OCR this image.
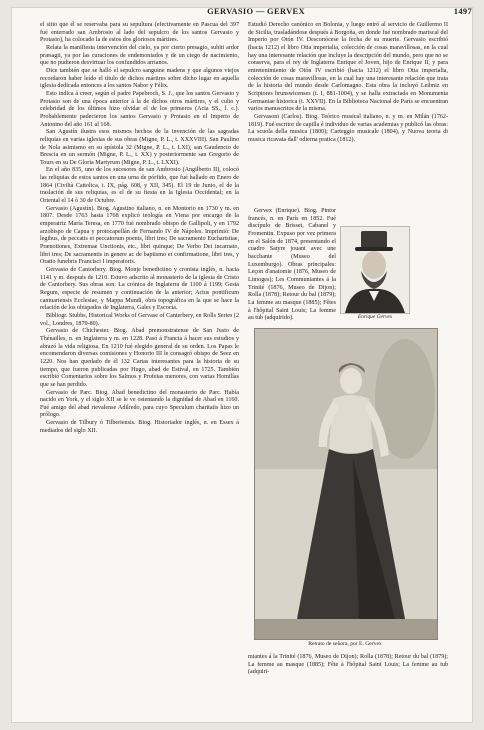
GERVASIO — GERVEX	1497

el sitio que él se reservaba para su sepultura (efectivamente en Pascua del 397 fué enterrado san Ambrosio al lado del sepulcro de los santos Gervasio y Protasio), ha colocado la de estos dos gloriosos mártires.

Relata la manifiesta intervención del cielo, ya por cierto presagio, subiti ardor præsagii, ya por las curaciones de endemoniados y de un ciego de nacimiento, que no pudieron desvirtuar los confundidos arrianos.

Dice también que se halló el sepulcro sanguine madens y que algunos viejos recordaron haber leído el título de dichos mártires sobre dicho lugar en aquella iglesia dedicada entonces a los santos Nabor y Félix.

Esto indica á creer, según el padre Papebroch, S. J., que los santos Gervasio y Protasio son de una época anterior á la de dichos otros mártires, y el culto y celebridad de los últimos hizo olvidar el de los primeros (Acta SS., l. c.). Probablemente padecieron los santos Gervasio y Protasio en el Imperio de Antonino del año 161 al 168.

San Agustín ilustra esos mismos hechos de la invención de las sagradas reliquias en varias iglesias de sus obras (Migne, P. L., t. XXXVIII). San Paulino de Nola asimismo en su epístola 32 (Migne, P. L., t. LXI), san Gaudencio de Brescia en un sermón (Migne, P. L., t. XX) y posteriormente san Gregorio de Tours en su De Gloria Martyrum (Migne, P. L., t. LXXI).

En el año 835, uno de los sucesores de san Ambrosio (Angilberto II), colocó las reliquias de estos santos en una urna de pórfido, que fué hallado en Enero de 1864 (Civiltà Cattolica, t. IX, pág. 608, y XII, 345). El 19 de Junio, el de la traslación de sus reliquias, es el de su fiesta en la Iglesia Occidental; en la Oriental el 14 ó 30 de Octubre.

Gervasio (Agustín). Biog. Agustino italiano, n. en Montorio en 1730 y m. en 1807. Desde 1763 hasta 1768 explicó teología en Viena por encargo de la emperatriz María Teresa, en 1770 fué nombrado obispo de Gallipoli, y en 1792 arzobispo de Capua y protocapellán de Fernando IV de Nápoles. Imprimió: De legibus, de peccatis et peccatorum poenis, libri tres; De sacramento Eucharistiae, Prænotiones, Extremae Unctionis, etc., libri quinque; De Verbo Dei incarnato, libri tres; De sacramentis in genere ac de baptismo et confirmatione, libri tres, y Oratio funebris Francisci I imperatoris.

Gervasio de Cantorbery. Biog. Monje benedictino y cronista inglés, n. hacia 1141 y m. después de 1210. Estuvo adscrito al monasterio de la iglesia de Cristo de Cantorbery. Sus obras son: La crónica de Inglaterra de 1100 á 1199; Gesta Regum, especie de resumen y continuación de la anterior; Actus pontificum cantuariensis Ecclesiae, y Mappa Mundi, obra topográfica en la que se hace la relación de los obispados de Inglaterra, Gales y Escocia.

Bibliogr. Stubbs, Historical Works of Gervase of Canterbery, en Rolls Series (2 vol., Londres, 1879-80).

Gervasio de Chichester. Biog. Abad premonstratense de San Justo de Thénailles, n. en Inglaterra y m. en 1228. Pasó á Francia á hacer sus estudios y abrazó la vida religiosa. En 1210 fué elegido general de su orden. Los Papas le encomendaron diversas comisiones y Honorio III le consagró obispo de Seez en 1220. Nos han quedado de él 132 Cartas interesantes para la historia de su tiempo, que fueron publicadas por Hugo, abad de Estival, en 1725. También escribió Comentarios sobre los Salmos y Profetas menores, con varias Homilías que se han perdido.

Gervasio de Parc. Biog. Abad benedictino del monasterio de Parc. Había nacido en York, y el siglo XII se le ve ostentando la dignidad de Abad en 1160. Fué amigo del abad rievalense Adilredo, para cuyo Speculum charitatis hizo un prólogo.

Gervasio de Tilbury ó Tilberiensis. Biog. Historiador inglés, n. en Essex á mediados del siglo XII.

Estudió Derecho canónico en Bolonia, y luego entró al servicio de Guillermo II de Sicilia, trasladándose después á Borgoña, en donde fué nombrado mariscal del Imperio por Otón IV. Desconócese la fecha de su muerte. Gervasio escribió (hacia 1212) el libro Otia imperialia, colección de cosas maravillosas, en la cual hay una interesante relación que incluye la descripción del mundo, pero que no se conserva, para el rey de Inglaterra Enrique el Joven, hijo de Enrique II, y para entretenimiento de Otón IV escribió (hacia 1212) el libro Otia imperialia, colección de cosas maravillosas, en la cual hay una interesante relación que trata de la historia del mundo desde Carlomagno. Esta obra la incluyó Leibniz en Scriptores brunswicenses (t. I, 881-1004), y se halla extractada en Monumenta Germaniae historica (t. XXVII). En la Biblioteca Nacional de París se encuentran varios manuscritos de la misma.

Gervasoni (Carlos). Biog. Teórico musical italiano, n. y m. en Milán (1762-1819). Fué escritor de capilla é individuo de varias academias y publicó las obras: La scuola della musica (1800); Carteggio musicale (1804), y Nuova teoria di musica ricavata dall' odierna pratica (1812).

Gervex (Enrique). Biog. Pintor francés, n. en París en 1852. Fué discípulo de Brisset, Cabanel y Fromentin. Expuso por vez primera en el Salón de 1874, presentando el cuadro Satyre jouant avec une bacchante (Museo del Luxemburgo). Obras principales: Leçon d'anatomie (1876, Museo de Limoges); Les Communiantes á la Trinité (1876, Museo de Dijon); Rolla (1878); Retour du bal (1879); La femme au masque (1885); Fêtes à l'hôpital Saint Louis; La femme au tub (adquirido).	Enrique Gervex
Retrato de señora, por E. Gervex
miantes á la Trinité (1876, Museo de Dijon); Rolla (1878); Retour du bal (1879); La femme au masque (1885); Fête à l'hôpital Saint Louis; La femme au tub (adquiri-
